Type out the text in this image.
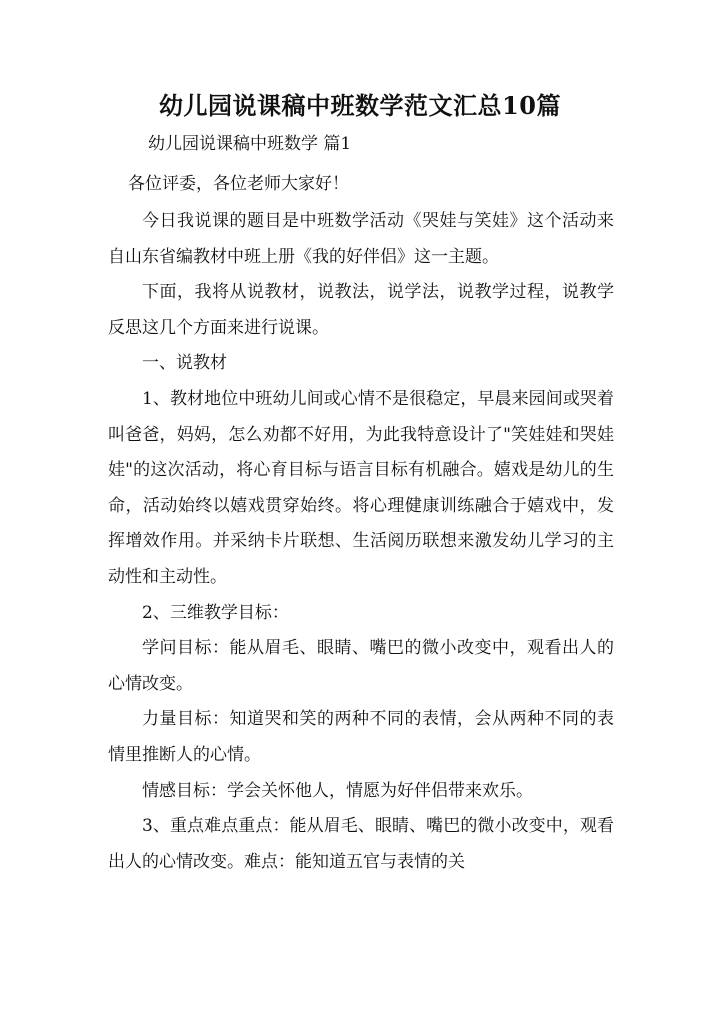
幼儿园说课稿中班数学范文汇总10篇
幼儿园说课稿中班数学 篇1
各位评委，各位老师大家好！

今日我说课的题目是中班数学活动《哭娃与笑娃》这个活动来自山东省编教材中班上册《我的好伴侣》这一主题。

下面，我将从说教材，说教法，说学法，说教学过程，说教学反思这几个方面来进行说课。

一、说教材

1、教材地位中班幼儿间或心情不是很稳定，早晨来园间或哭着叫爸爸，妈妈，怎么劝都不好用，为此我特意设计了"笑娃娃和哭娃娃"的这次活动，将心育目标与语言目标有机融合。嬉戏是幼儿的生命，活动始终以嬉戏贯穿始终。将心理健康训练融合于嬉戏中，发挥增效作用。并采纳卡片联想、生活阅历联想来激发幼儿学习的主动性和主动性。

2、三维教学目标：

学问目标：能从眉毛、眼睛、嘴巴的微小改变中，观看出人的心情改变。

力量目标：知道哭和笑的两种不同的表情，会从两种不同的表情里推断人的心情。

情感目标：学会关怀他人，情愿为好伴侣带来欢乐。

3、重点难点重点：能从眉毛、眼睛、嘴巴的微小改变中，观看出人的心情改变。难点：能知道五官与表情的关
